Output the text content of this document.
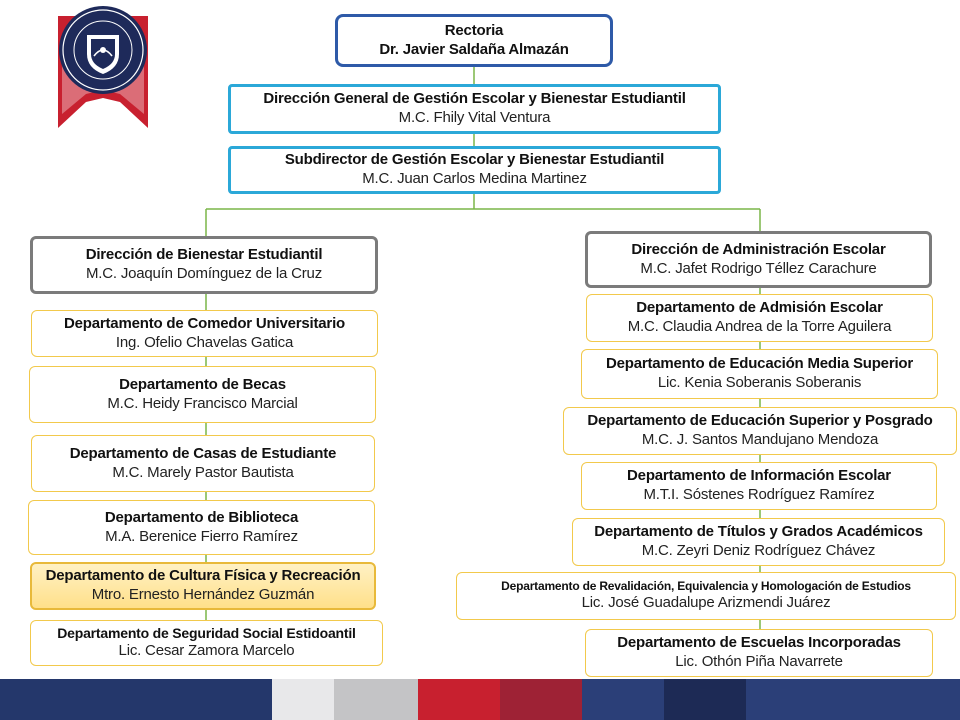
Rectoria
Dr. Javier Saldaña Almazán
Dirección General de Gestión Escolar y Bienestar Estudiantil
M.C. Fhily Vital Ventura
Subdirector de Gestión Escolar y Bienestar Estudiantil
M.C. Juan Carlos Medina Martinez
Dirección de Bienestar Estudiantil
M.C. Joaquín Domínguez de la Cruz
Departamento de Comedor Universitario
Ing. Ofelio Chavelas Gatica
Departamento de Becas
M.C. Heidy Francisco Marcial
Departamento de Casas de Estudiante
M.C. Marely Pastor Bautista
Departamento de Biblioteca
M.A. Berenice Fierro Ramírez
Departamento de Cultura Física y Recreación
Mtro. Ernesto Hernández Guzmán
Departamento de Seguridad Social Estidoantil
Lic. Cesar Zamora Marcelo
Dirección de Administración Escolar
M.C. Jafet Rodrigo Téllez Carachure
Departamento de Admisión Escolar
M.C. Claudia Andrea de la Torre Aguilera
Departamento de Educación Media Superior
Lic. Kenia Soberanis Soberanis
Departamento de Educación Superior y Posgrado
M.C. J. Santos Mandujano Mendoza
Departamento de Información Escolar
M.T.I. Sóstenes Rodríguez Ramírez
Departamento de Títulos y Grados Académicos
M.C. Zeyri Deniz Rodríguez Chávez
Departamento de Revalidación, Equivalencia y Homologación de Estudios
Lic. José Guadalupe Arizmendi Juárez
Departamento de Escuelas Incorporadas
Lic. Othón Piña Navarrete
